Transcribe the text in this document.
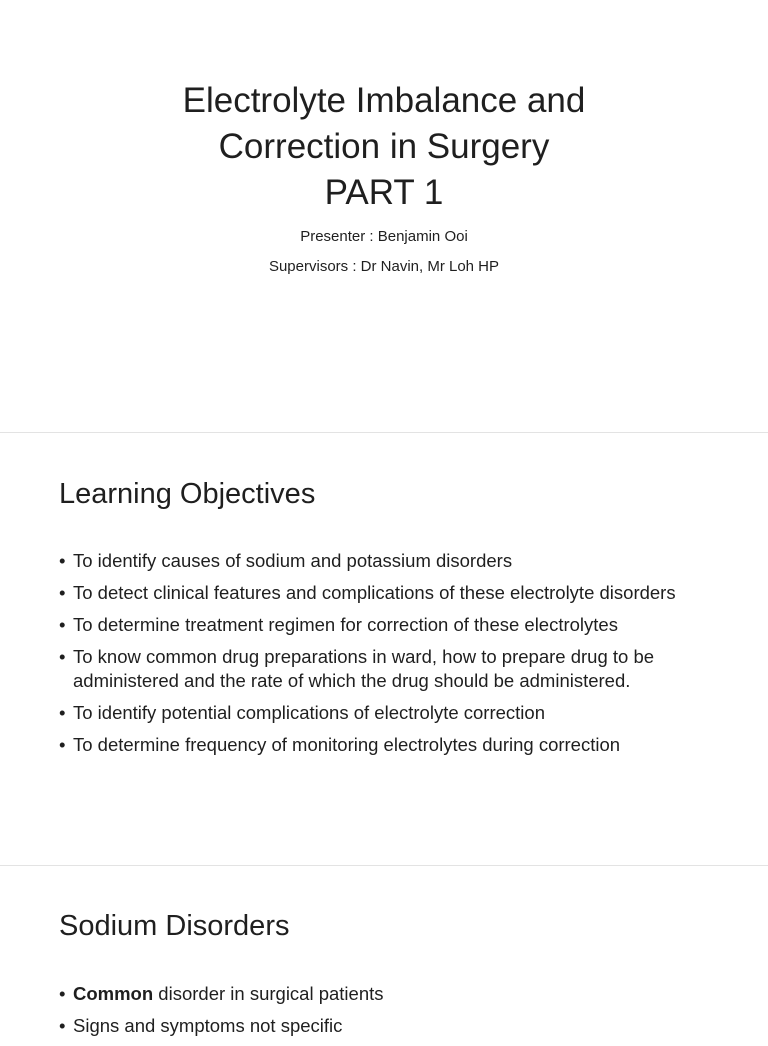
Electrolyte Imbalance and
Correction in Surgery
PART 1
Presenter : Benjamin Ooi
Supervisors : Dr Navin, Mr Loh HP
Learning Objectives
• To identify causes of sodium and potassium disorders
• To detect clinical features and complications of these electrolyte disorders
• To determine treatment regimen for correction of these electrolytes
• To know common drug preparations in ward, how to prepare drug to be administered and the rate of which the drug should be administered.
• To identify potential complications of electrolyte correction
• To determine frequency of monitoring electrolytes during correction
Sodium Disorders
• Common disorder in surgical patients
• Signs and symptoms not specific
